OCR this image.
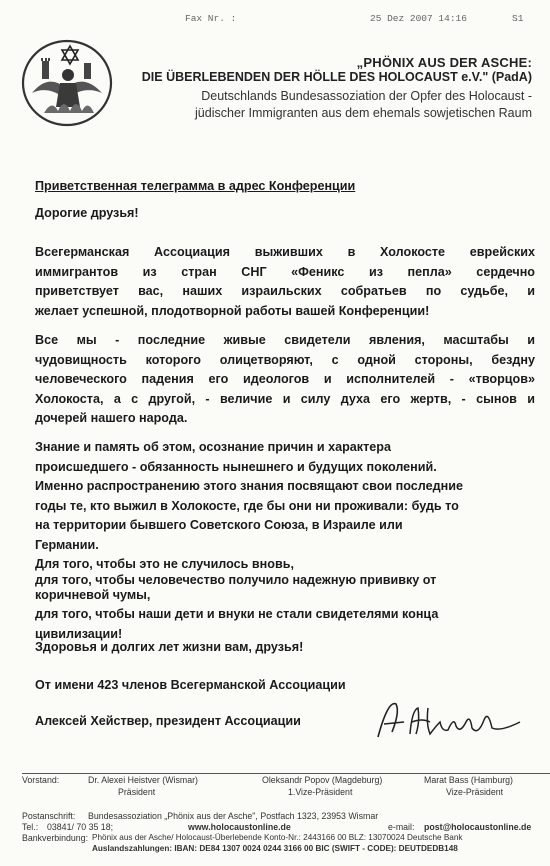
Fax Nr. :	25 Dez 2007 14:16	S1
„PHÖNIX AUS DER ASCHE:
DIE ÜBERLEBENDEN DER HÖLLE DES HOLOCAUST e.V." (PadA)
Deutschlands Bundesassoziation der Opfer des Holocaust -
jüdischer Immigranten aus dem ehemals sowjetischen Raum
Приветственная телеграмма в адрес Конференции
Дорогие друзья!
Всегерманская Ассоциация выживших в Холокосте еврейских
иммигрантов из стран СНГ «Феникс из пепла» сердечно
приветствует вас, наших израильских собратьев по судьбе, и
желает успешной, плодотворной работы вашей Конференции!
Все мы - последние живые свидетели явления, масштабы и
чудовищность которого олицетворяют, с одной стороны, бездну
человеческого падения его идеологов и исполнителей - «творцов»
Холокоста, а с другой, - величие и силу духа его жертв, - сынов и
дочерей нашего народа.
Знание и память об этом, осознание причин и характера
происшедшего - обязанность нынешнего и будущих поколений.
Именно распространению этого знания посвящают свои последние
годы те, кто выжил в Холокосте, где бы они ни проживали: будь то
на территории бывшего Советского Союза, в Израиле или
Германии.
Для того, чтобы это не случилось вновь,
для того, чтобы человечество получило надежную прививку от
коричневой чумы,
для того, чтобы наши дети и внуки не стали свидетелями конца
цивилизации!
Здоровья и долгих лет жизни вам, друзья!
От имени 423 членов Всегерманской Ассоциации
Алексей Хействер, президент Ассоциации
Vorstand:	Dr. Alexei Heistver (Wismar)
Präsident
Oleksandr Popov (Magdeburg)
1.Vize-Präsident
Marat Bass (Hamburg)
Vize-Präsident
Postanschrift: Bundesassoziation „Phönix aus der Asche", Postfach 1323, 23953 Wismar
Tel.: 03841/ 70 35 18;	www.holocaustonline.de	e-mail: post@holocaustonline.de
Bankverbindung: Phönix aus der Asche/ Holocaust-Überlebende Konto-Nr.: 2443166 00 BLZ: 13070024 Deutsche Bank
Auslandszahlungen: IBAN: DE84 1307 0024 0244 3166 00 BIC (SWIFT - CODE): DEUTDEDB148
